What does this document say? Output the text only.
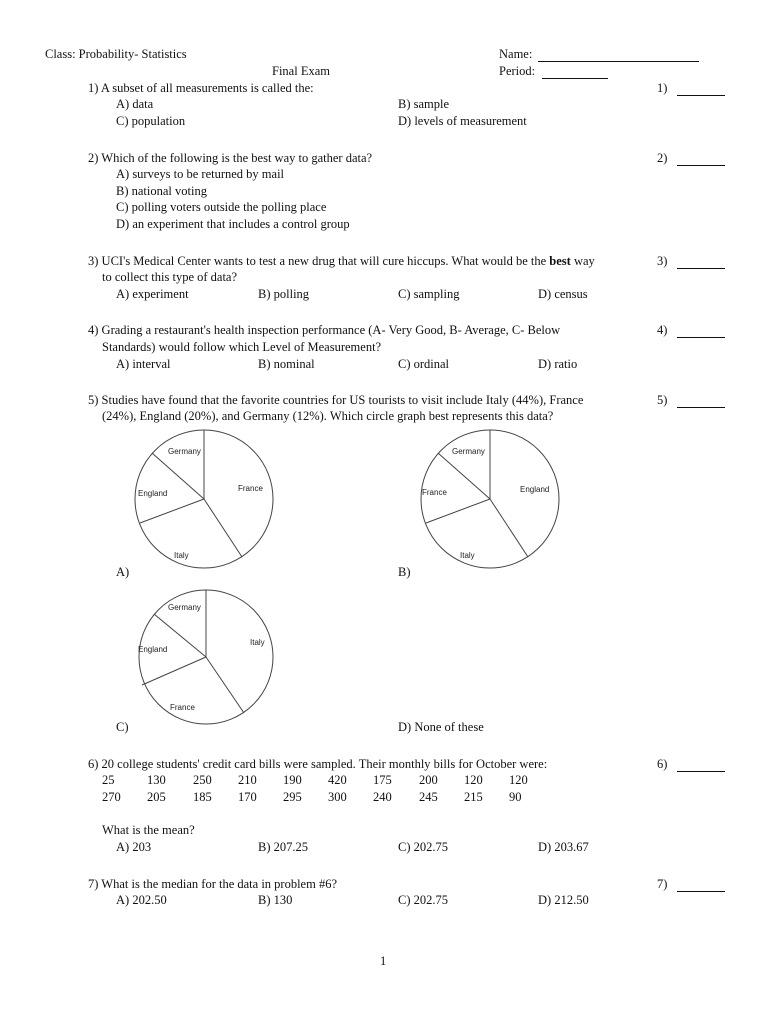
Class: Probability- Statistics	Name:
Final Exam	Period:
1) A subset of all measurements is called the:	1)
A) data	B) sample
C) population	D) levels of measurement
2) Which of the following is the best way to gather data?	2)
A) surveys to be returned by mail
B) national voting
C) polling voters outside the polling place
D) an experiment that includes a control group
3) UCI's Medical Center wants to test a new drug that will cure hiccups. What would be the best way	3)
to collect this type of data?
A) experiment	B) polling	C) sampling	D) census
4) Grading a restaurant's health inspection performance (A- Very Good, B- Average, C- Below	4)
Standards) would follow which Level of Measurement?
A) interval	B) nominal	C) ordinal	D) ratio
5) Studies have found that the favorite countries for US tourists to visit include Italy (44%), France	5)
(24%), England (20%), and Germany (12%). Which circle graph best represents this data?
Germany
England
France
Italy
A)
Germany
France	England
Italy
B)
Germany
England
Italy
France
C)	D) None of these
6) 20 college students' credit card bills were sampled. Their monthly bills for October were:	6)
25	130 250 210 190 420 175 200 120 120
270 205 185 170 295 300 240 245 215 90
What is the mean?
A) 203	B) 207.25	C) 202.75	D) 203.67
7) What is the median for the data in problem #6?	7)
A) 202.50	B) 130	C) 202.75	D) 212.50
1
